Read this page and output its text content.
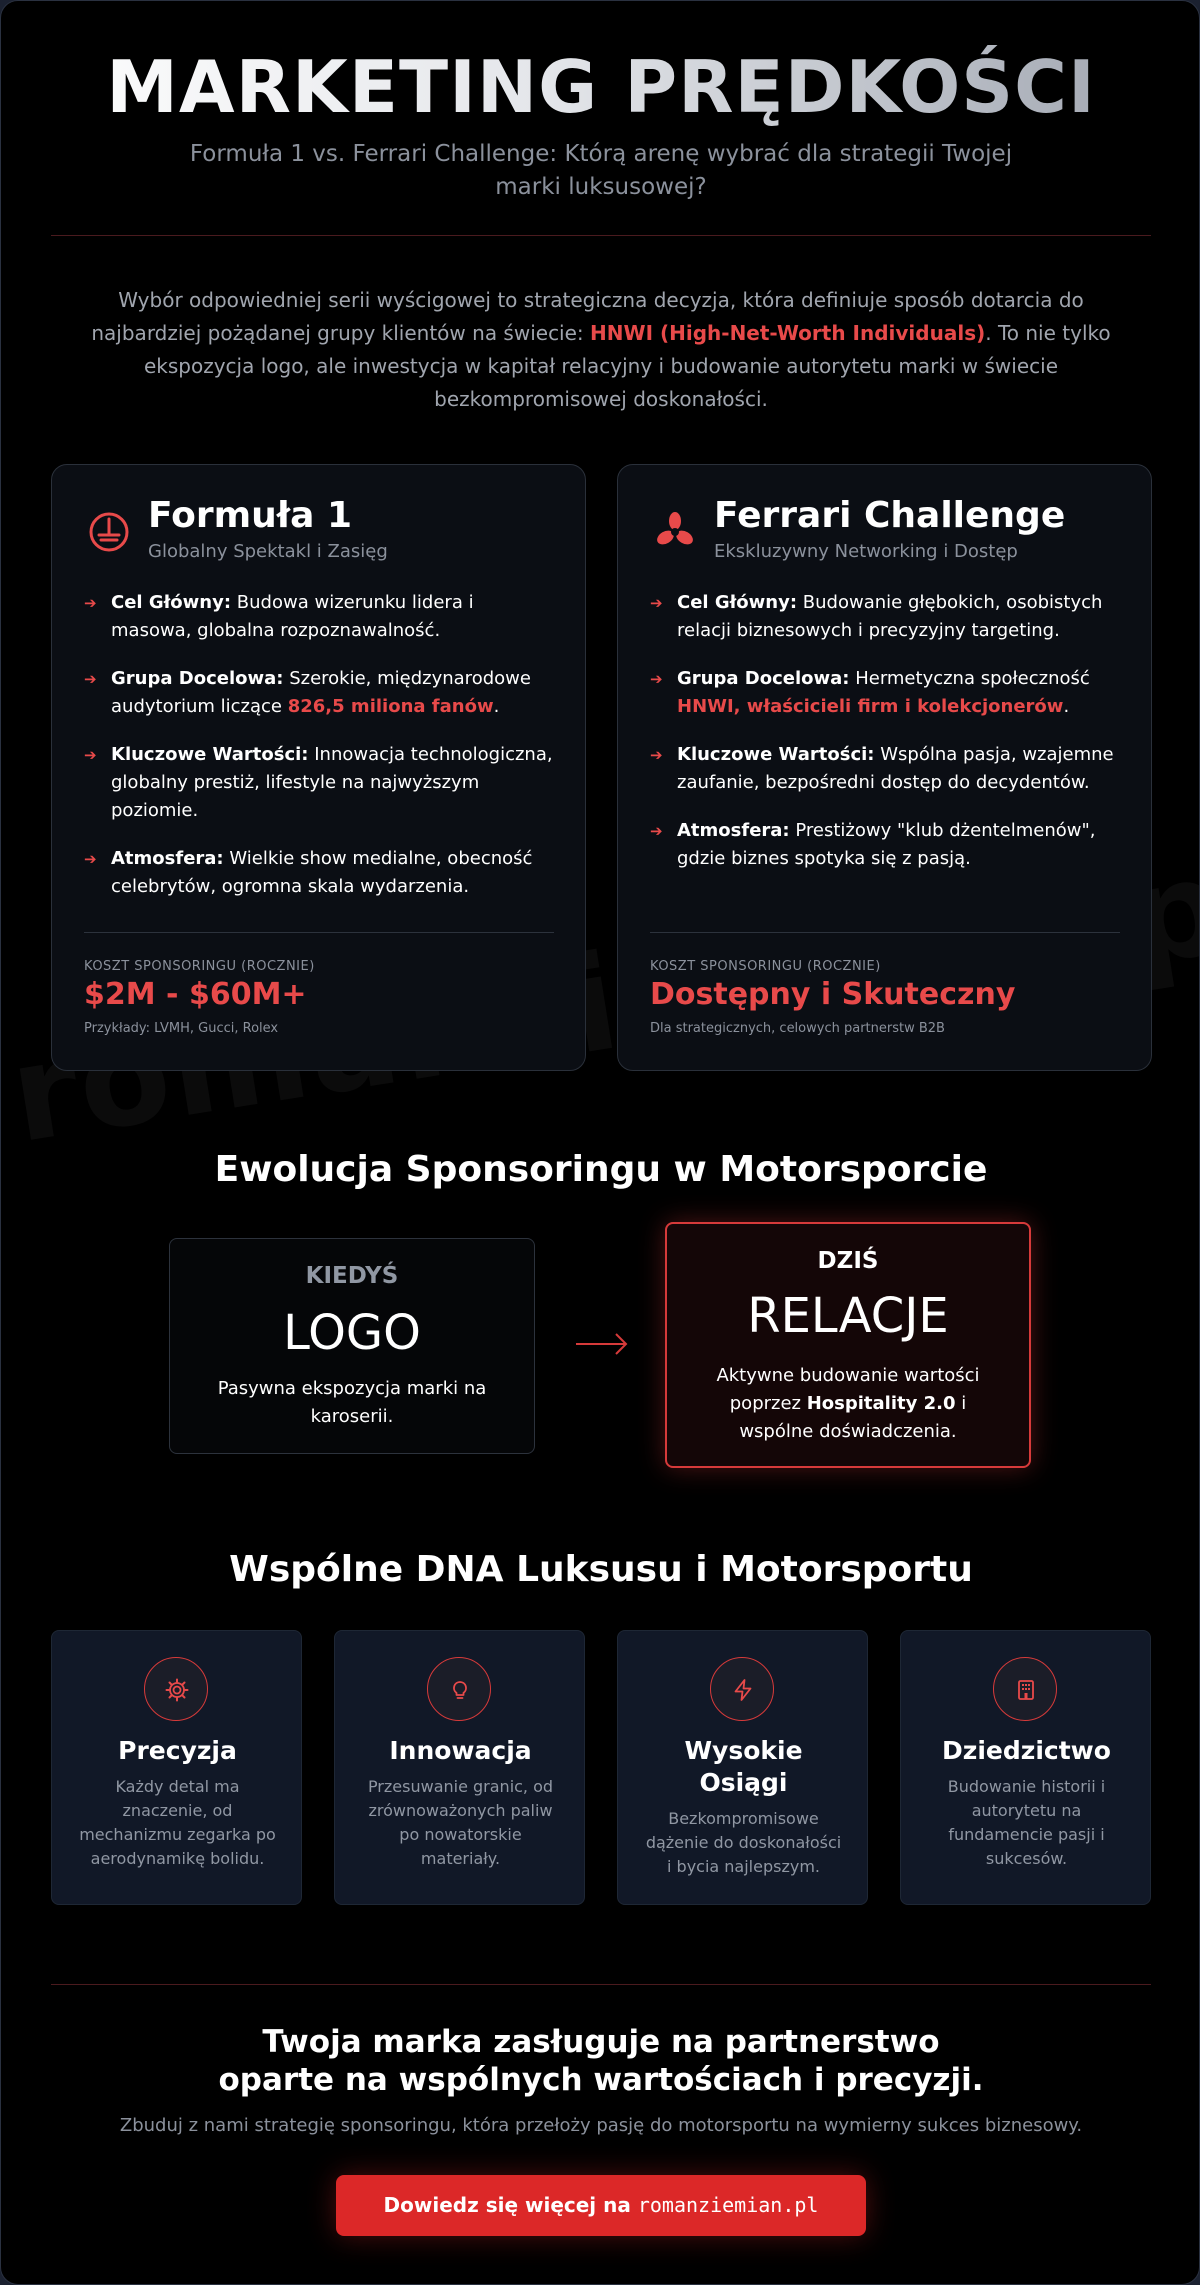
MARKETING PRĘDKOŚCI

Formuła 1 vs. Ferrari Challenge: Którą arenę wybrać dla strategii Twojej marki luksusowej?

Wybór odpowiedniej serii wyścigowej to strategiczna decyzja, która definiuje sposób dotarcia do najbardziej pożądanej grupy klientów na świecie: HNWI (High-Net-Worth Individuals). To nie tylko ekspozycja logo, ale inwestycja w kapitał relacyjny i budowanie autorytetu marki w świecie bezkompromisowej doskonałości.

Formuła 1
Globalny Spektakl i Zasięg
➔ Cel Główny: Budowa wizerunku lidera i masowa, globalna rozpoznawalność.
➔ Grupa Docelowa: Szerokie, międzynarodowe audytorium liczące 826,5 miliona fanów.
➔ Kluczowe Wartości: Innowacja technologiczna, globalny prestiż, lifestyle na najwyższym poziomie.
➔ Atmosfera: Wielkie show medialne, obecność celebrytów, ogromna skala wydarzenia.
KOSZT SPONSORINGU (ROCZNIE)
$2M - $60M+
Przykłady: LVMH, Gucci, Rolex
Ferrari Challenge
Ekskluzywny Networking i Dostęp
➔ Cel Główny: Budowanie głębokich, osobistych relacji biznesowych i precyzyjny targeting.
➔ Grupa Docelowa: Hermetyczna społeczność HNWI, właścicieli firm i kolekcjonerów.
➔ Kluczowe Wartości: Wspólna pasja, wzajemne zaufanie, bezpośredni dostęp do decydentów.
➔ Atmosfera: Prestiżowy "klub dżentelmenów", gdzie biznes spotyka się z pasją.
KOSZT SPONSORINGU (ROCZNIE)
Dostępny i Skuteczny
Dla strategicznych, celowych partnerstw B2B
Ewolucja Sponsoringu w Motorsporcie
KIEDYŚ
LOGO
Pasywna ekspozycja marki na karoserii.
DZIŚ
RELACJE
Aktywne budowanie wartości poprzez Hospitality 2.0 i wspólne doświadczenia.
Wspólne DNA Luksusu i Motorsportu
Precyzja
Każdy detal ma znaczenie, od mechanizmu zegarka po aerodynamikę bolidu.
Innowacja
Przesuwanie granic, od zrównoważonych paliw po nowatorskie materiały.
Wysokie Osiągi
Bezkompromisowe dążenie do doskonałości i bycia najlepszym.
Dziedzictwo
Budowanie historii i autorytetu na fundamencie pasji i sukcesów.
Twoja marka zasługuje na partnerstwo
oparte na wspólnych wartościach i precyzji.
Zbuduj z nami strategię sponsoringu, która przełoży pasję do motorsportu na wymierny sukces biznesowy.
Dowiedz się więcej na romanziemian.pl
